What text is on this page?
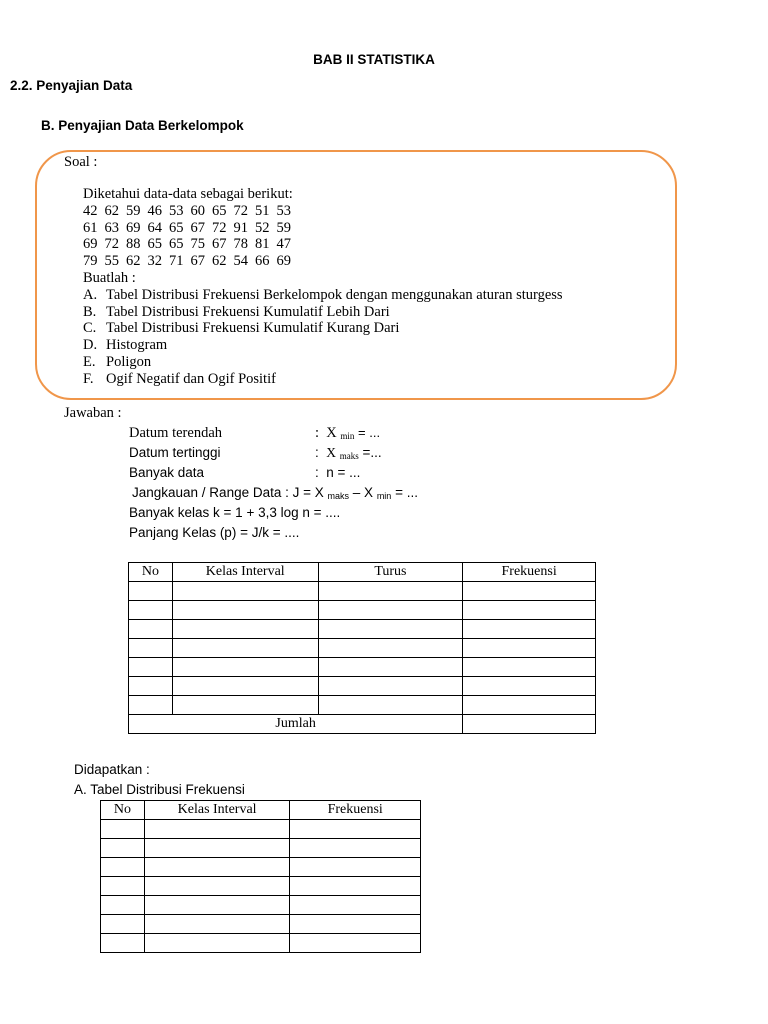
BAB II STATISTIKA
2.2. Penyajian Data
B. Penyajian Data Berkelompok
Soal :
Diketahui data-data sebagai berikut:
42 62 59 46 53 60 65 72 51 53
61 63 69 64 65 67 72 91 52 59
69 72 88 65 65 75 67 78 81 47
79 55 62 32 71 67 62 54 66 69
Buatlah :
A. Tabel Distribusi Frekuensi Berkelompok dengan menggunakan aturan sturgess
B. Tabel Distribusi Frekuensi Kumulatif Lebih Dari
C. Tabel Distribusi Frekuensi Kumulatif Kurang Dari
D. Histogram
E. Poligon
F. Ogif Negatif dan Ogif Positif
Jawaban :
Datum terendah	: X $_{min}$ = ...
Datum tertinggi	: X $_{maks}$ =...
Banyak data	: n = ...
Jangkauan / Range Data : J = X $_{maks}$ – X $_{min}$ = ...
Banyak kelas k = 1 + 3,3 log n = ....
Panjang Kelas (p) = J/k = ....
No	Kelas Interval	Turus	Frekuensi

Jumlah			
Didapatkan :
A. Tabel Distribusi Frekuensi
No	Kelas Interval	Frekuensi
